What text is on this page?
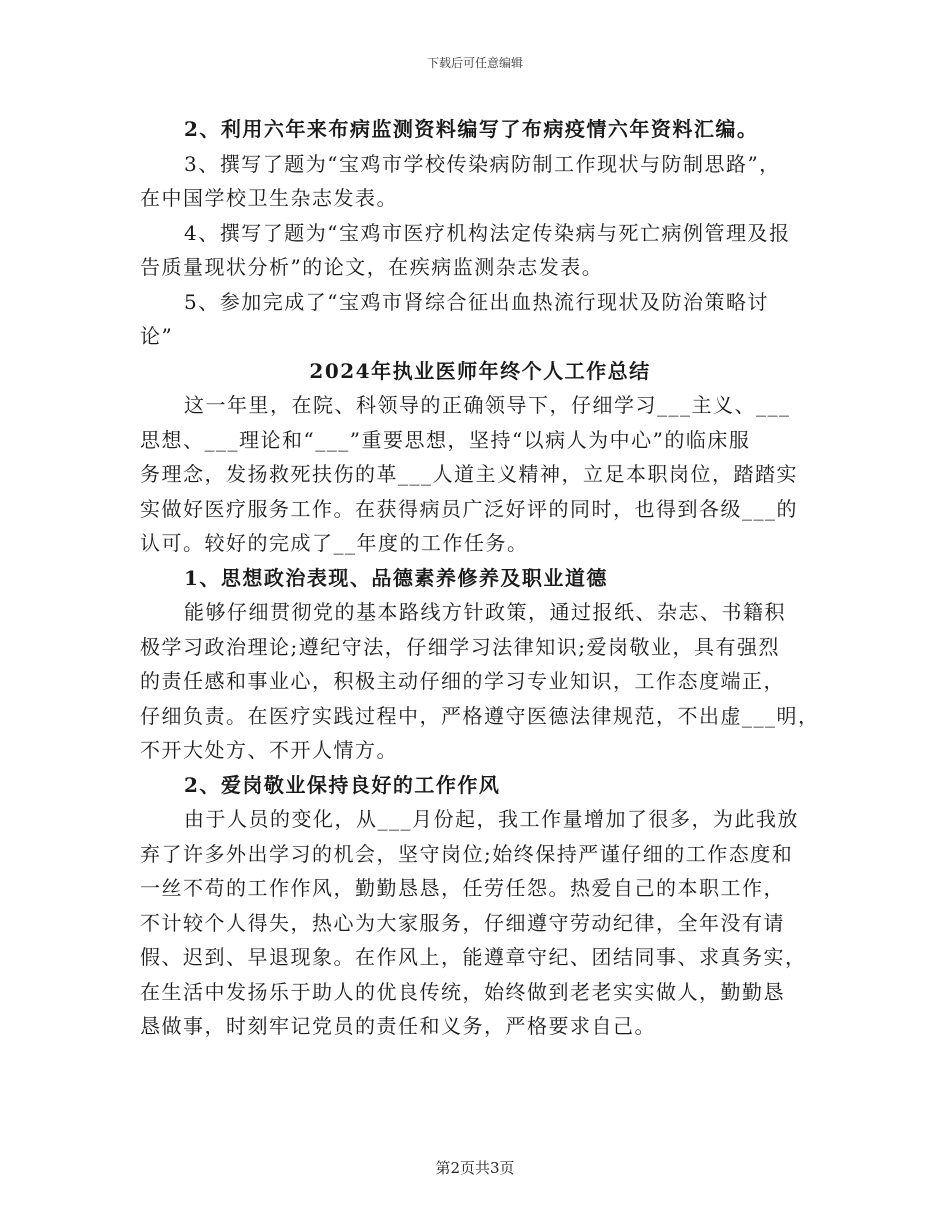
下载后可任意编辑
2、利用六年来布病监测资料编写了布病疫情六年资料汇编。
3、撰写了题为“宝鸡市学校传染病防制工作现状与防制思路”，
在中国学校卫生杂志发表。
4、撰写了题为“宝鸡市医疗机构法定传染病与死亡病例管理及报
告质量现状分析”的论文，在疾病监测杂志发表。
5、参加完成了“宝鸡市肾综合征出血热流行现状及防治策略讨
论”
2024年执业医师年终个人工作总结
这一年里，在院、科领导的正确领导下，仔细学习___主义、___
思想、___理论和“___”重要思想，坚持“以病人为中心”的临床服
务理念，发扬救死扶伤的革___人道主义精神，立足本职岗位，踏踏实
实做好医疗服务工作。在获得病员广泛好评的同时，也得到各级___的
认可。较好的完成了__年度的工作任务。
1、思想政治表现、品德素养修养及职业道德
能够仔细贯彻党的基本路线方针政策，通过报纸、杂志、书籍积
极学习政治理论;遵纪守法，仔细学习法律知识;爱岗敬业，具有强烈
的责任感和事业心，积极主动仔细的学习专业知识，工作态度端正，
仔细负责。在医疗实践过程中，严格遵守医德法律规范，不出虚___明，
不开大处方、不开人情方。
2、爱岗敬业保持良好的工作作风
由于人员的变化，从___月份起，我工作量增加了很多，为此我放
弃了许多外出学习的机会，坚守岗位;始终保持严谨仔细的工作态度和
一丝不苟的工作作风，勤勤恳恳，任劳任怨。热爱自己的本职工作，
不计较个人得失，热心为大家服务，仔细遵守劳动纪律，全年没有请
假、迟到、早退现象。在作风上，能遵章守纪、团结同事、求真务实，
在生活中发扬乐于助人的优良传统，始终做到老老实实做人，勤勤恳
恳做事，时刻牢记党员的责任和义务，严格要求自己。
第2页共3页
